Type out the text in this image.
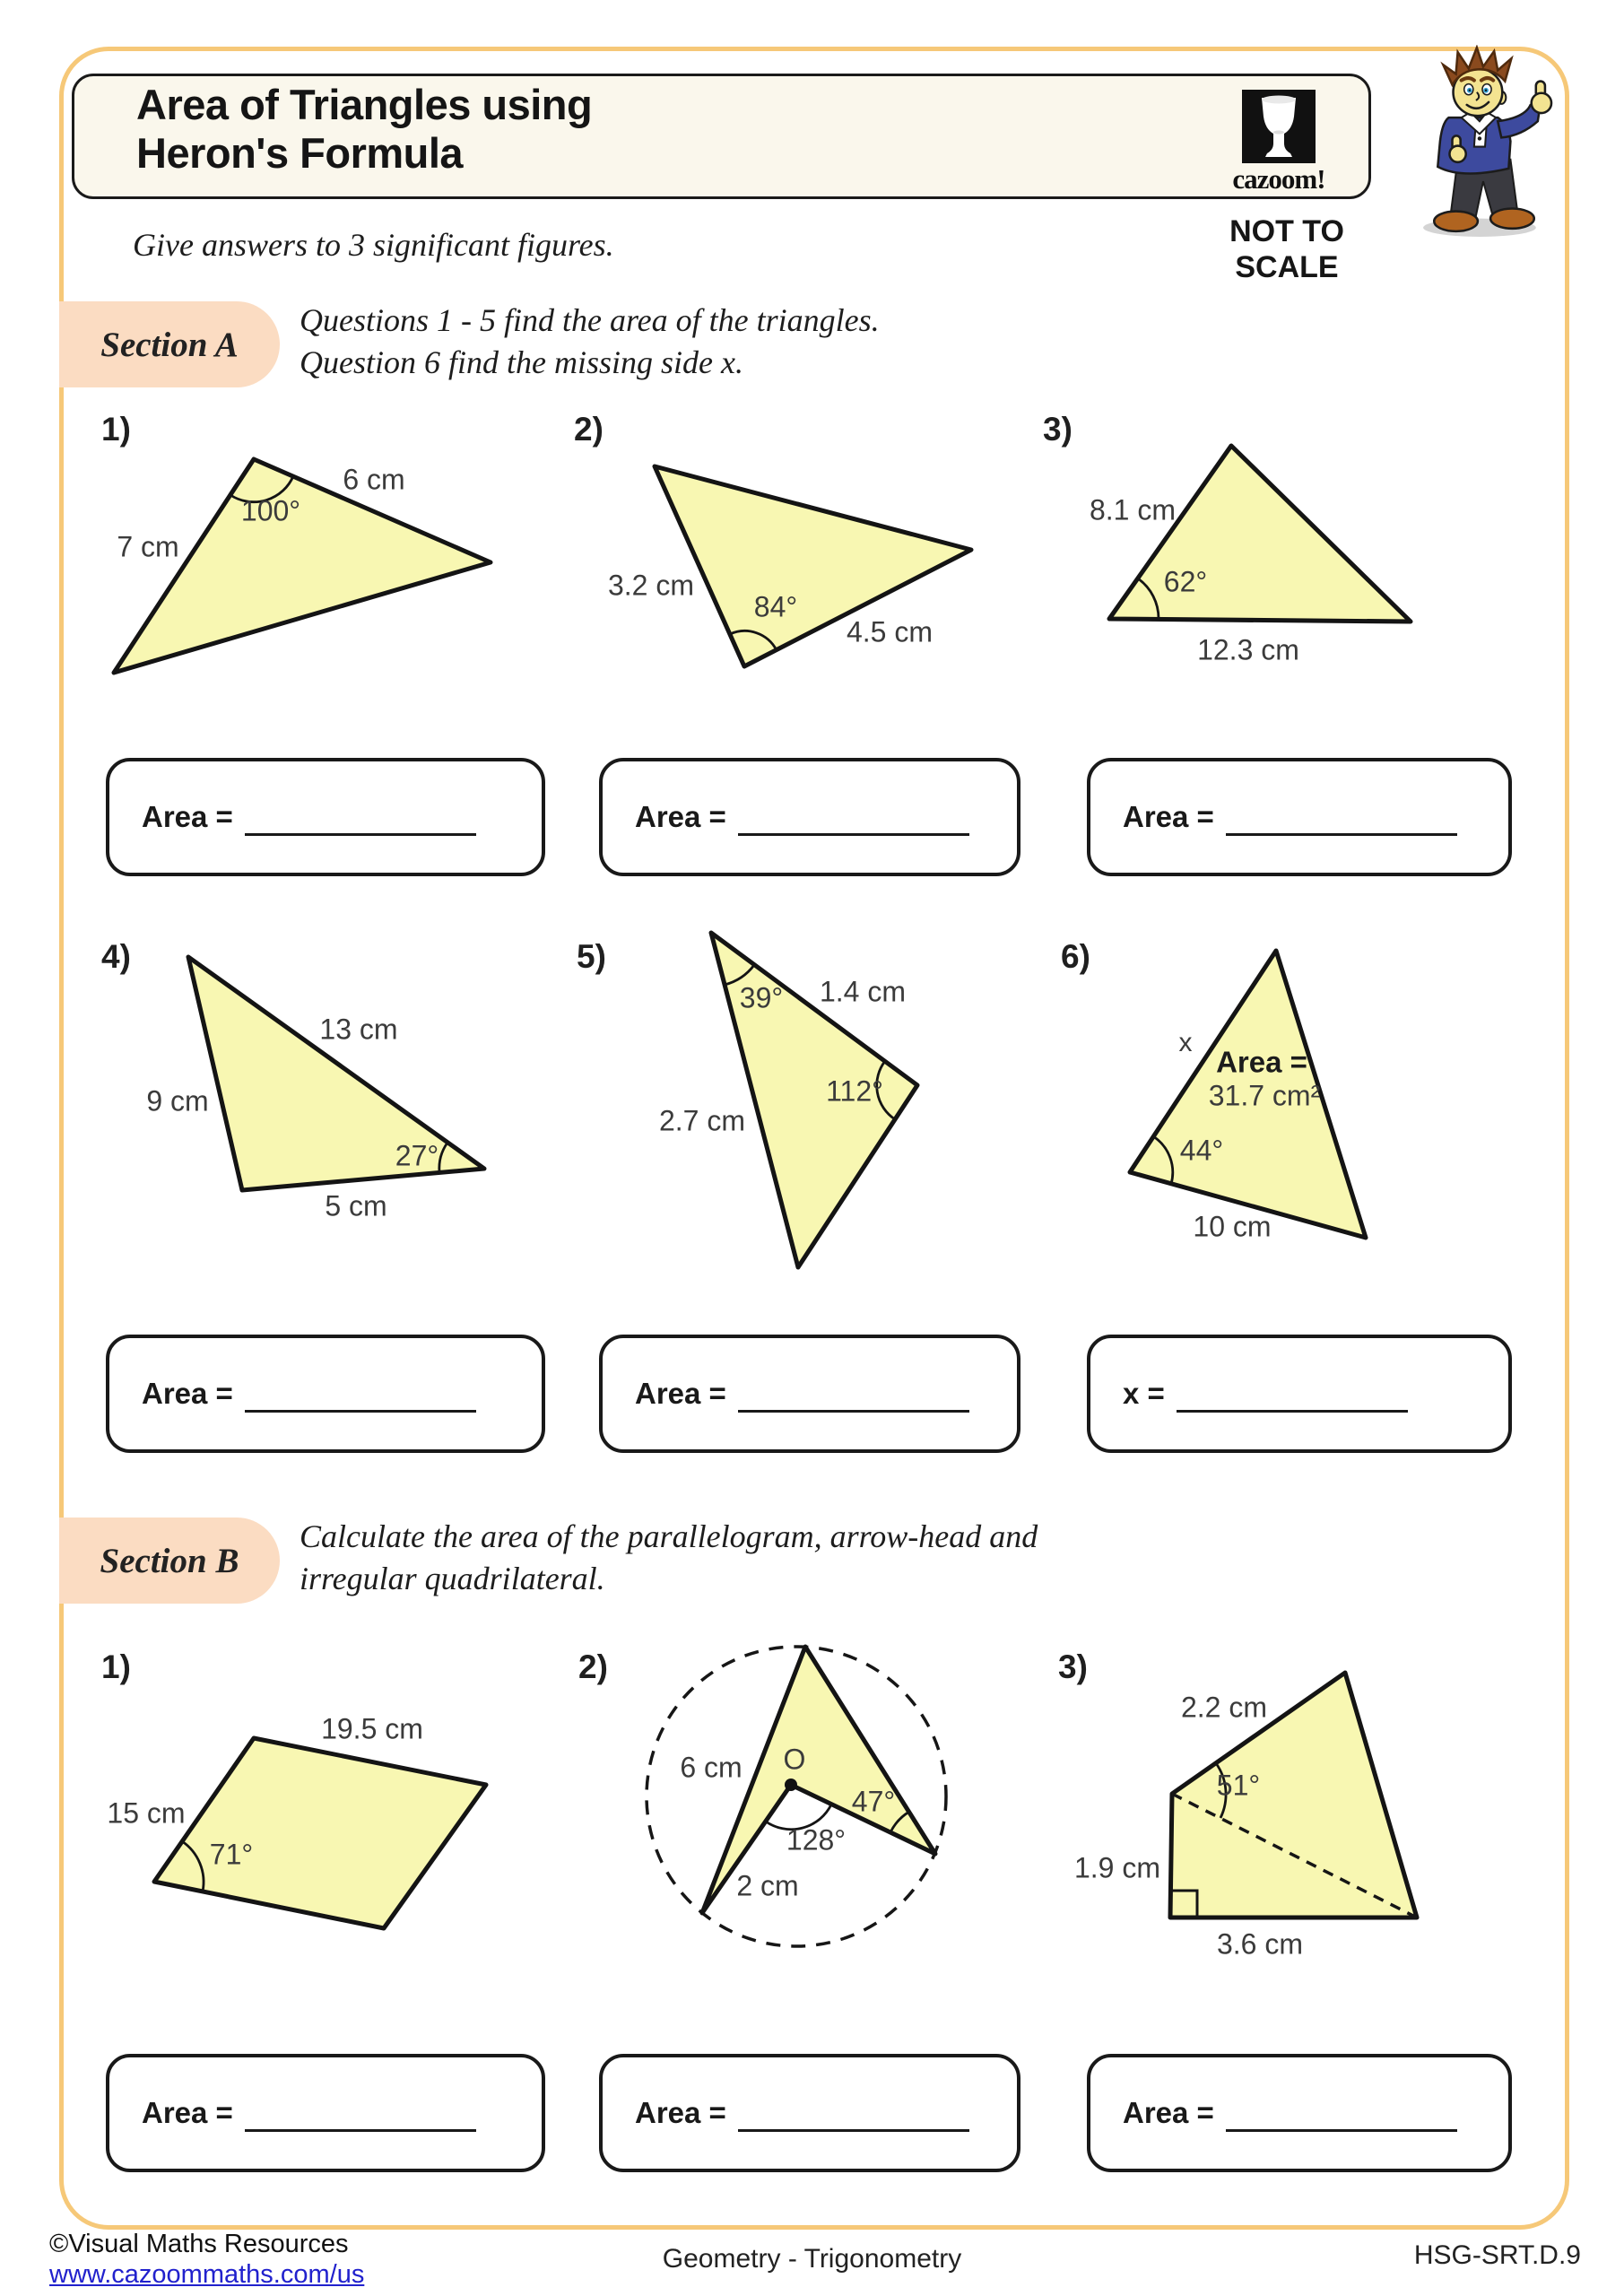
Area of Triangles using
Heron's Formula
cazoom!
NOT TO
SCALE
Give answers to 3 significant figures.
Section A
Questions 1 - 5 find the area of the triangles.
Question 6 find the missing side x.
1)	2)	3)
100°
6 cm
7 cm
3.2 cm
84°
4.5 cm
8.1 cm
62°
12.3 cm
Area =	Area =	Area =
4)	5)	6)
13 cm
9 cm
27°
5 cm
39° 1.4 cm
112°
2.7 cm
x
Area =
31.7 cm²
44°
10 cm
Area =	Area =	x =
Section B
Calculate the area of the parallelogram, arrow-head and
irregular quadrilateral.
1)	2)	3)
19.5 cm
15 cm
71°
O
6 cm
47°
128°
2 cm
2.2 cm
51°
1.9 cm
3.6 cm
Area =	Area =	Area =
©Visual Maths Resources
www.cazoommaths.com/us
Geometry - Trigonometry	HSG-SRT.D.9
